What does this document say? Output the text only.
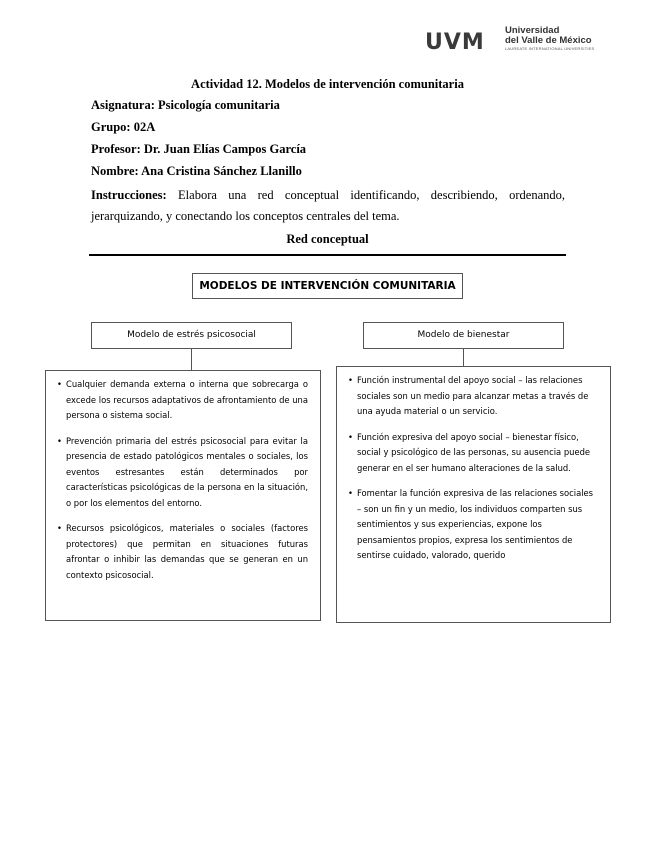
UVM Universidad
del Valle de México
LAUREATE INTERNATIONAL UNIVERSITIES
Actividad 12. Modelos de intervención comunitaria
Asignatura: Psicología comunitaria
Grupo: 02A
Profesor: Dr. Juan Elías Campos García
Nombre: Ana Cristina Sánchez Llanillo
Instrucciones: Elabora una red conceptual identificando, describiendo, ordenando, jerarquizando, y conectando los conceptos centrales del tema.
Red conceptual
MODELOS DE INTERVENCIÓN COMUNITARIA
Modelo de estrés psicosocial	Modelo de bienestar
• Cualquier demanda externa o interna que sobrecarga o excede los recursos adaptativos de afrontamiento de una persona o sistema social.
• Prevención primaria del estrés psicosocial para evitar la presencia de estado patológicos mentales o sociales, los eventos estresantes están determinados por características psicológicas de la persona en la situación, o por los elementos del entorno.
• Recursos psicológicos, materiales o sociales (factores protectores) que permitan en situaciones futuras afrontar o inhibir las demandas que se generan en un contexto psicosocial.
• Función instrumental del apoyo social – las relaciones sociales son un medio para alcanzar metas a través de una ayuda material o un servicio.
• Función expresiva del apoyo social – bienestar físico, social y psicológico de las personas, su ausencia puede generar en el ser humano alteraciones de la salud.
• Fomentar la función expresiva de las relaciones sociales – son un fin y un medio, los individuos comparten sus sentimientos y sus experiencias, expone los pensamientos propios, expresa los sentimientos de sentirse cuidado, valorado, querido
